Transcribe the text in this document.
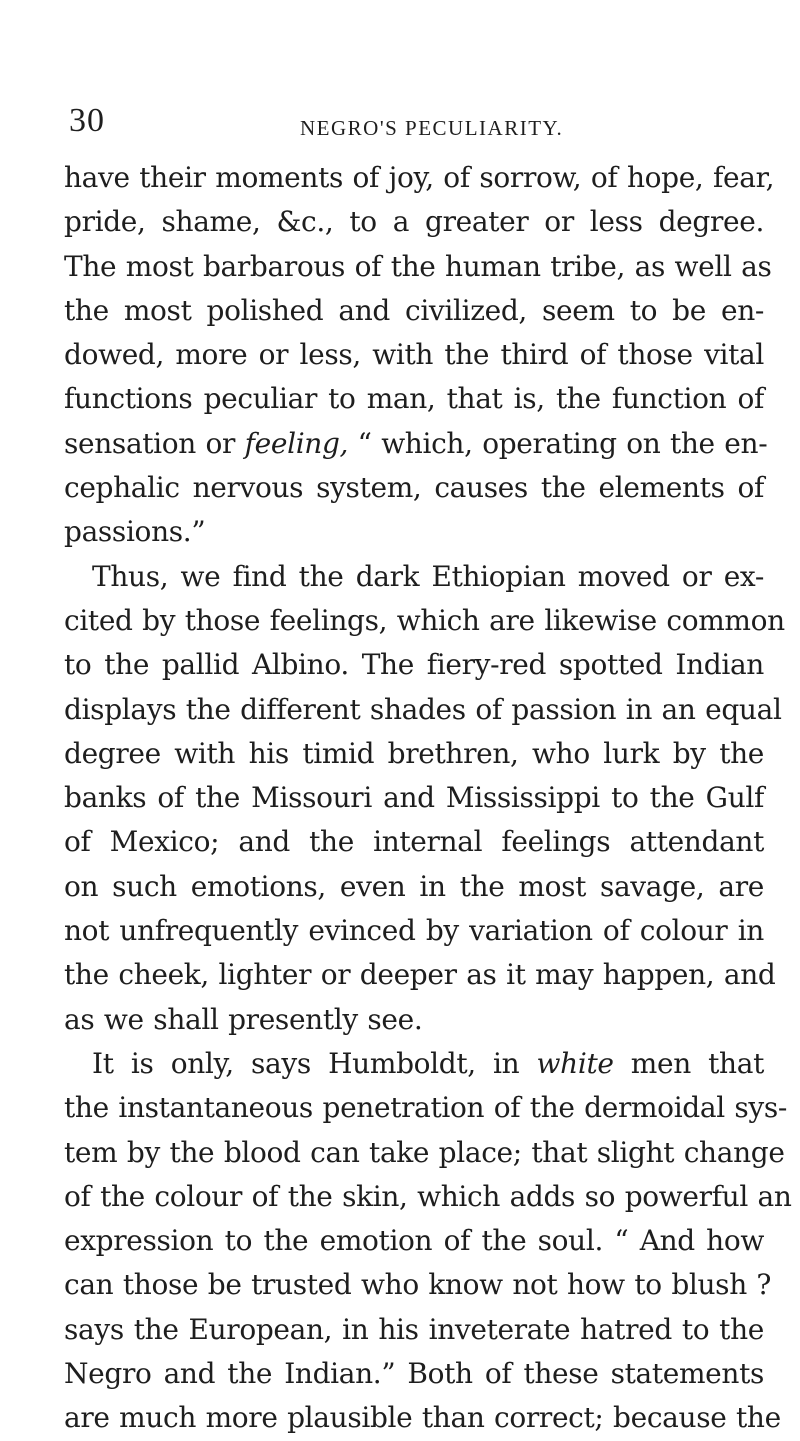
30	NEGRO'S PECULIARITY.
have their moments of joy, of sorrow, of hope, fear,
pride, shame, &c., to a greater or less degree.
The most barbarous of the human tribe, as well as
the most polished and civilized, seem to be en-
dowed, more or less, with the third of those vital
functions peculiar to man, that is, the function of
sensation or feeling, “ which, operating on the en-
cephalic nervous system, causes the elements of
passions.”
Thus, we find the dark Ethiopian moved or ex-
cited by those feelings, which are likewise common
to the pallid Albino. The fiery-red spotted Indian
displays the different shades of passion in an equal
degree with his timid brethren, who lurk by the
banks of the Missouri and Mississippi to the Gulf
of Mexico; and the internal feelings attendant
on such emotions, even in the most savage, are
not unfrequently evinced by variation of colour in
the cheek, lighter or deeper as it may happen, and
as we shall presently see.
It is only, says Humboldt, in white men that
the instantaneous penetration of the dermoidal sys-
tem by the blood can take place; that slight change
of the colour of the skin, which adds so powerful an
expression to the emotion of the soul. “ And how
can those be trusted who know not how to blush ?
says the European, in his inveterate hatred to the
Negro and the Indian.” Both of these statements
are much more plausible than correct; because the
